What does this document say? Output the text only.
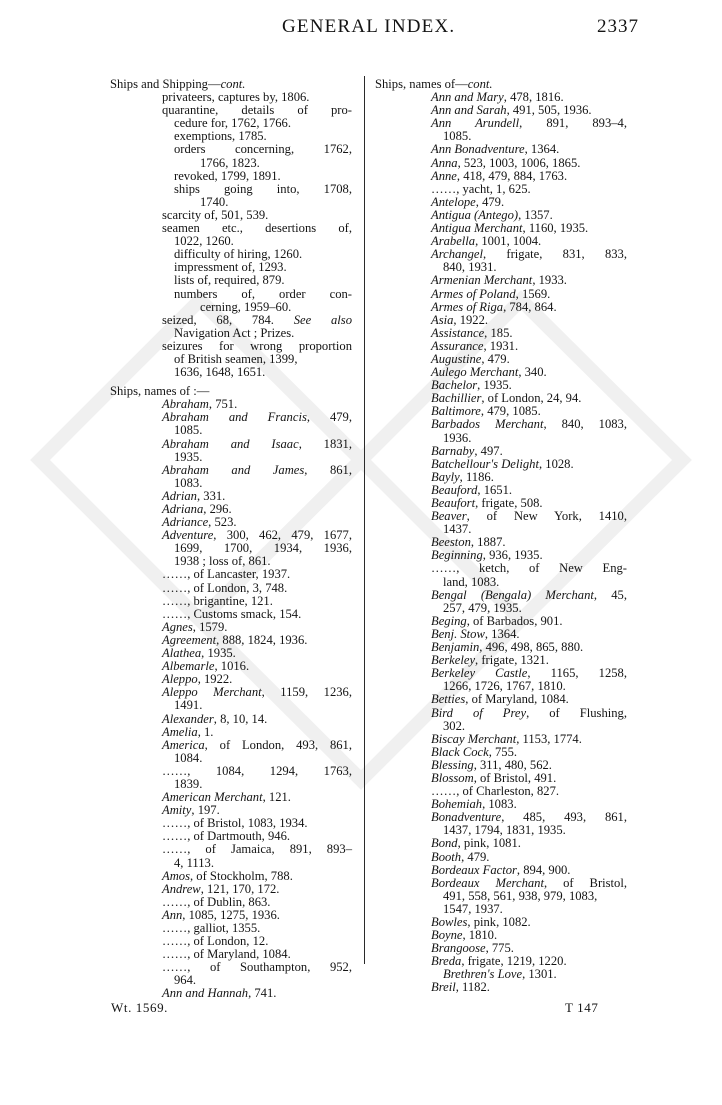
GENERAL INDEX.	2337
Ships and Shipping—cont.
privateers, captures by, 1806.
quarantine, details of pro-
cedure for, 1762, 1766.
exemptions, 1785.
orders concerning, 1762,
1766, 1823.
revoked, 1799, 1891.
ships going into, 1708,
1740.
scarcity of, 501, 539.
seamen etc., desertions of,
1022, 1260.
difficulty of hiring, 1260.
impressment of, 1293.
lists of, required, 879.
numbers of, order con-
cerning, 1959–60.
seized, 68, 784. See also
Navigation Act ; Prizes.
seizures for wrong proportion
of British seamen, 1399,
1636, 1648, 1651.
Ships, names of :—
Abraham, 751.
Abraham and Francis, 479,
1085.
Abraham and Isaac, 1831,
1935.
Abraham and James, 861,
1083.
Adrian, 331.
Adriana, 296.
Adriance, 523.
Adventure, 300, 462, 479, 1677,
1699, 1700, 1934, 1936,
1938 ; loss of, 861.
……, of Lancaster, 1937.
……, of London, 3, 748.
……, brigantine, 121.
……, Customs smack, 154.
Agnes, 1579.
Agreement, 888, 1824, 1936.
Alathea, 1935.
Albemarle, 1016.
Aleppo, 1922.
Aleppo Merchant, 1159, 1236,
1491.
Alexander, 8, 10, 14.
Amelia, 1.
America, of London, 493, 861,
1084.
……, 1084, 1294, 1763,
1839.
American Merchant, 121.
Amity, 197.
……, of Bristol, 1083, 1934.
……, of Dartmouth, 946.
……, of Jamaica, 891, 893–
4, 1113.
Amos, of Stockholm, 788.
Andrew, 121, 170, 172.
……, of Dublin, 863.
Ann, 1085, 1275, 1936.
……, galliot, 1355.
……, of London, 12.
……, of Maryland, 1084.
……, of Southampton, 952,
964.
Ann and Hannah, 741.
Ships, names of—cont.
Ann and Mary, 478, 1816.
Ann and Sarah, 491, 505, 1936.
Ann Arundell, 891, 893–4,
1085.
Ann Bonadventure, 1364.
Anna, 523, 1003, 1006, 1865.
Anne, 418, 479, 884, 1763.
……, yacht, 1, 625.
Antelope, 479.
Antigua (Antego), 1357.
Antigua Merchant, 1160, 1935.
Arabella, 1001, 1004.
Archangel, frigate, 831, 833,
840, 1931.
Armenian Merchant, 1933.
Armes of Poland, 1569.
Armes of Riga, 784, 864.
Asia, 1922.
Assistance, 185.
Assurance, 1931.
Augustine, 479.
Aulego Merchant, 340.
Bachelor, 1935.
Bachillier, of London, 24, 94.
Baltimore, 479, 1085.
Barbados Merchant, 840, 1083,
1936.
Barnaby, 497.
Batchellour's Delight, 1028.
Bayly, 1186.
Beauford, 1651.
Beaufort, frigate, 508.
Beaver, of New York, 1410,
1437.
Beeston, 1887.
Beginning, 936, 1935.
……, ketch, of New Eng-
land, 1083.
Bengal (Bengala) Merchant, 45,
257, 479, 1935.
Beging, of Barbados, 901.
Benj. Stow, 1364.
Benjamin, 496, 498, 865, 880.
Berkeley, frigate, 1321.
Berkeley Castle, 1165, 1258,
1266, 1726, 1767, 1810.
Betties, of Maryland, 1084.
Bird of Prey, of Flushing,
302.
Biscay Merchant, 1153, 1774.
Black Cock, 755.
Blessing, 311, 480, 562.
Blossom, of Bristol, 491.
……, of Charleston, 827.
Bohemiah, 1083.
Bonadventure, 485, 493, 861,
1437, 1794, 1831, 1935.
Bond, pink, 1081.
Booth, 479.
Bordeaux Factor, 894, 900.
Bordeaux Merchant, of Bristol,
491, 558, 561, 938, 979, 1083,
1547, 1937.
Bowles, pink, 1082.
Boyne, 1810.
Brangoose, 775.
Breda, frigate, 1219, 1220.
Brethren's Love, 1301.
Breil, 1182.
Wt. 1569.	T 147
